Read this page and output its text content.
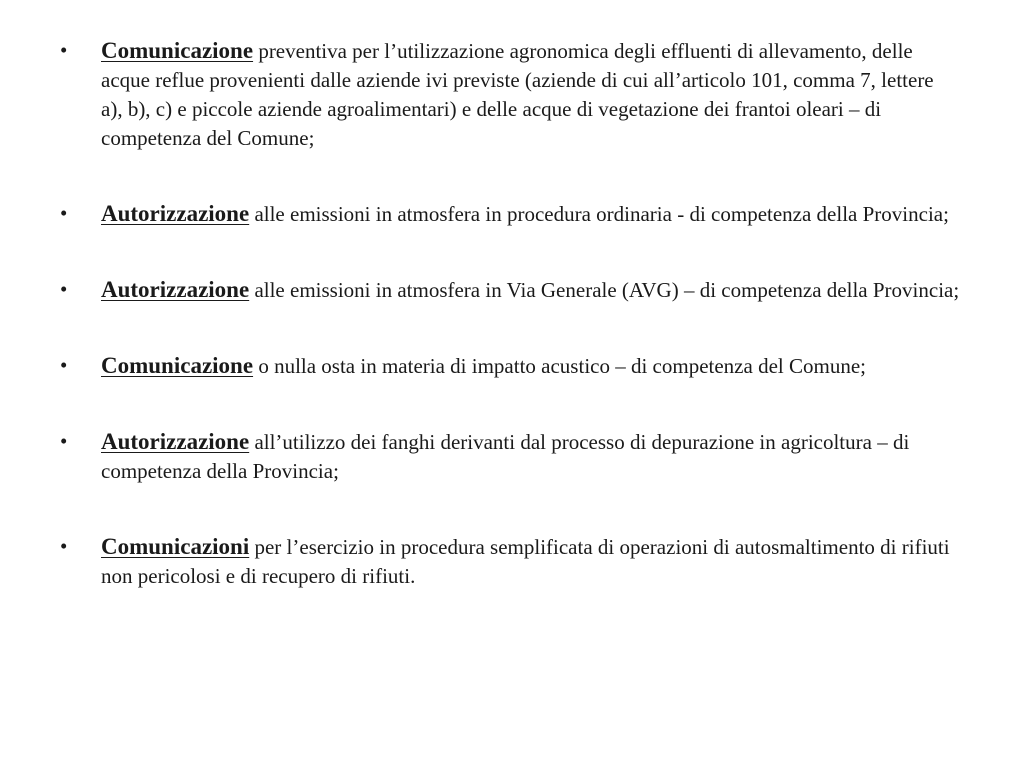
•	Comunicazione preventiva per l’utilizzazione agronomica degli effluenti di allevamento, delle acque reflue provenienti dalle aziende ivi previste (aziende di cui all’articolo 101, comma 7, lettere a), b), c) e piccole aziende agroalimentari) e delle acque di vegetazione dei frantoi oleari – di competenza del Comune;
•	Autorizzazione alle emissioni in atmosfera in procedura ordinaria - di competenza della Provincia;
•	Autorizzazione alle emissioni in atmosfera in Via Generale (AVG) – di competenza della Provincia;
•	Comunicazione o nulla osta in materia di impatto acustico – di competenza del Comune;
•	Autorizzazione all’utilizzo dei fanghi derivanti dal processo di depurazione in agricoltura – di competenza della Provincia;
•	Comunicazioni per l’esercizio in procedura semplificata di operazioni di autosmaltimento di rifiuti non pericolosi e di recupero di rifiuti.
